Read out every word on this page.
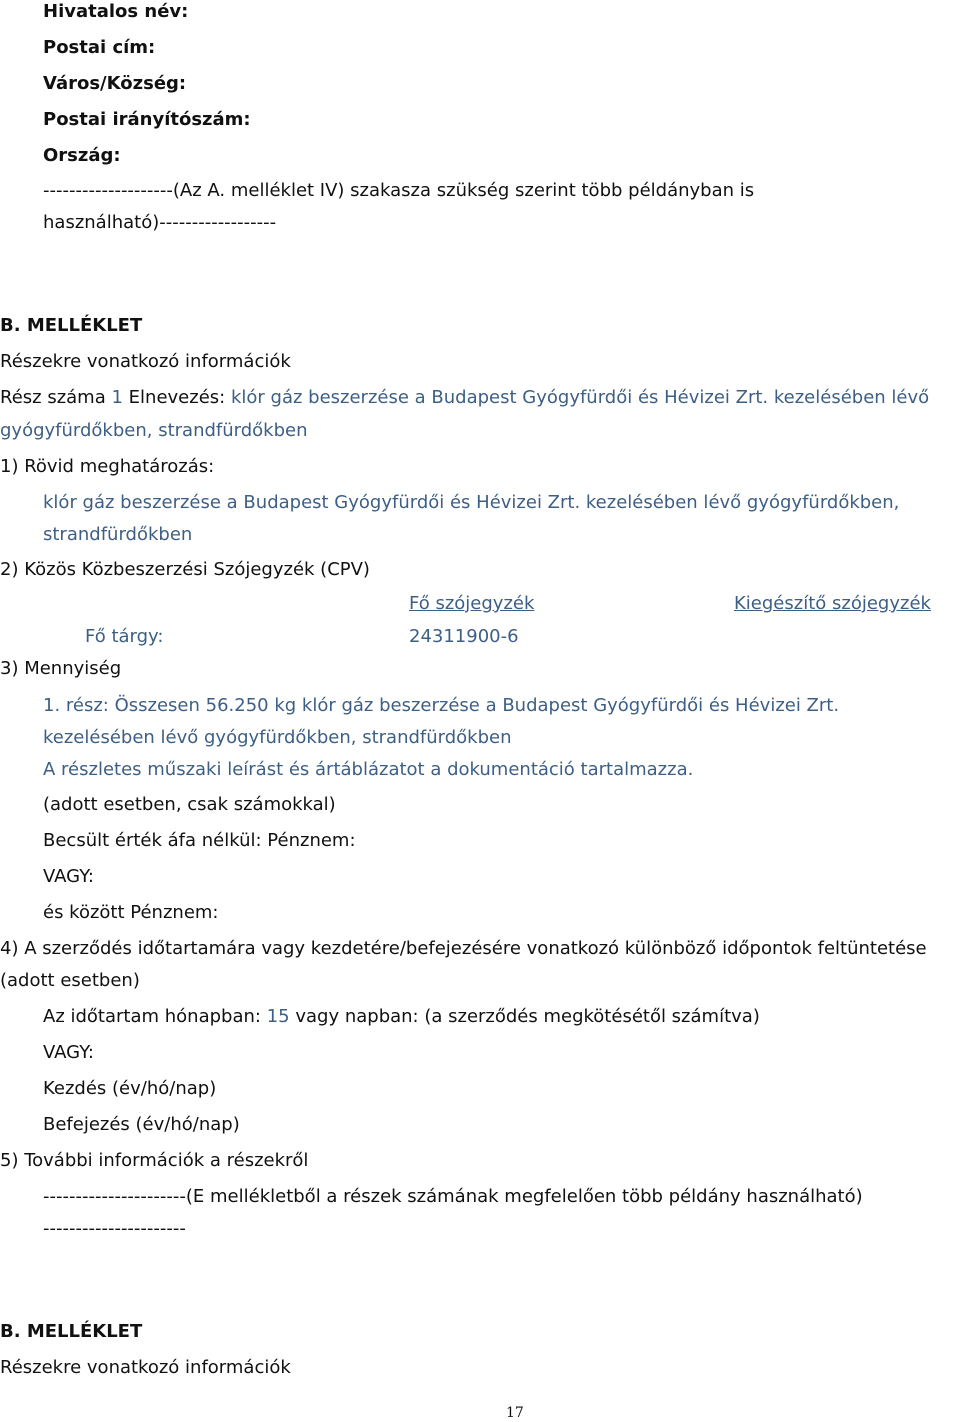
Hivatalos név:
Postai cím:
Város/Község:
Postai irányítószám:
Ország:
--------------------(Az A. melléklet IV) szakasza szükség szerint több példányban is
használható)------------------
B. MELLÉKLET
Részekre vonatkozó információk
Rész száma 1 Elnevezés: klór gáz beszerzése a Budapest Gyógyfürdői és Hévizei Zrt. kezelésében lévő
gyógyfürdőkben, strandfürdőkben
1) Rövid meghatározás:
klór gáz beszerzése a Budapest Gyógyfürdői és Hévizei Zrt. kezelésében lévő gyógyfürdőkben,
strandfürdőkben
2) Közös Közbeszerzési Szójegyzék (CPV)
Fő szójegyzék	Kiegészítő szójegyzék
Fő tárgy:	24311900-6
3) Mennyiség
1. rész: Összesen 56.250 kg klór gáz beszerzése a Budapest Gyógyfürdői és Hévizei Zrt.
kezelésében lévő gyógyfürdőkben, strandfürdőkben
A részletes műszaki leírást és ártáblázatot a dokumentáció tartalmazza.
(adott esetben, csak számokkal)
Becsült érték áfa nélkül: Pénznem:
VAGY:
és között Pénznem:
4) A szerződés időtartamára vagy kezdetére/befejezésére vonatkozó különböző időpontok feltüntetése
(adott esetben)
Az időtartam hónapban: 15 vagy napban: (a szerződés megkötésétől számítva)
VAGY:
Kezdés (év/hó/nap)
Befejezés (év/hó/nap)
5) További információk a részekről
----------------------(E mellékletből a részek számának megfelelően több példány használható)
----------------------
B. MELLÉKLET
Részekre vonatkozó információk
17
